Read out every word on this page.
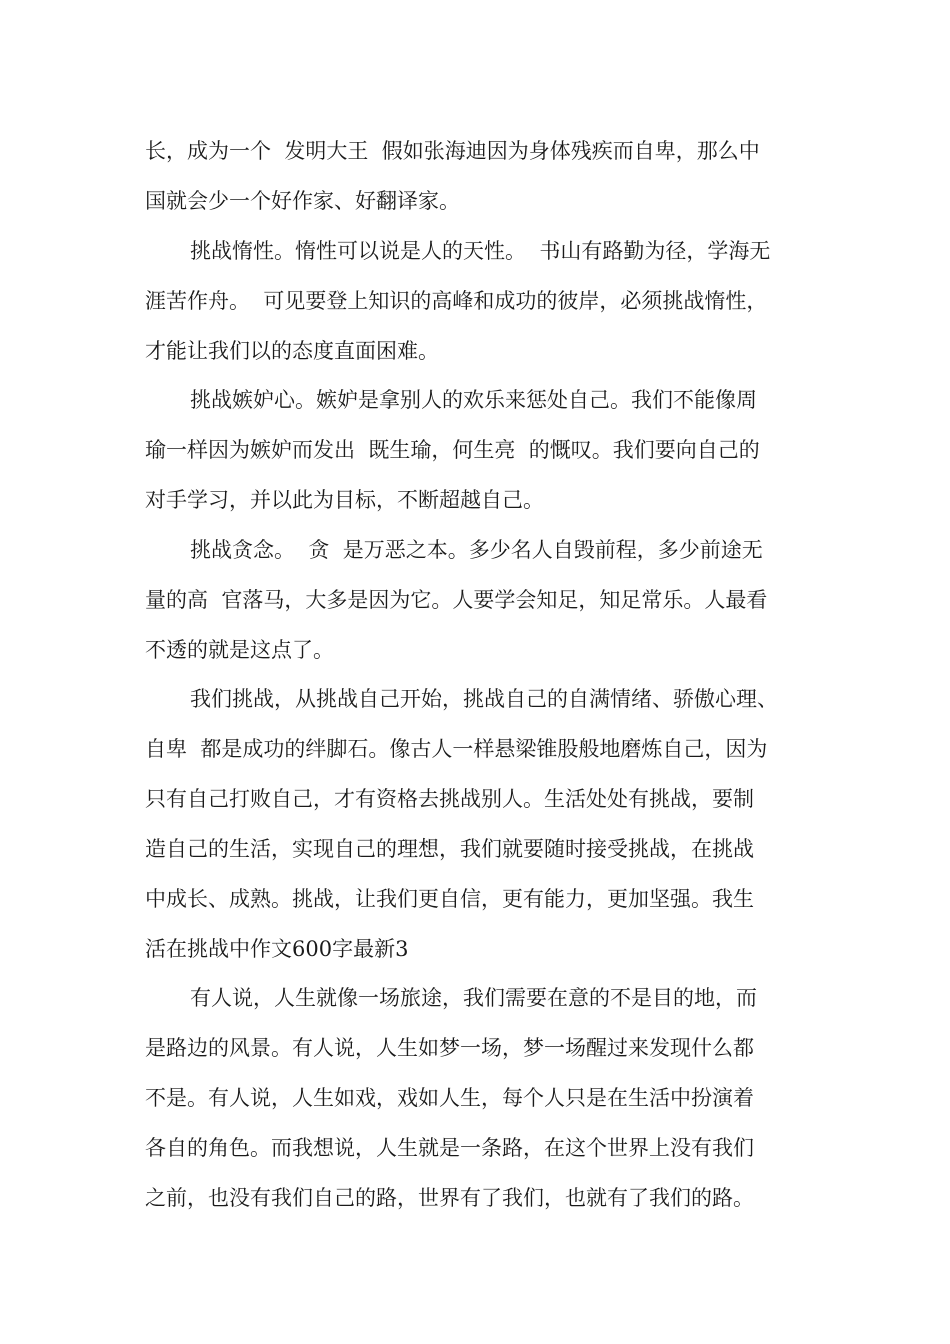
长，成为一个  发明大王  假如张海迪因为身体残疾而自卑，那么中

国就会少一个好作家、好翻译家。

挑战惰性。惰性可以说是人的天性。  书山有路勤为径，学海无

涯苦作舟。  可见要登上知识的高峰和成功的彼岸，必须挑战惰性，

才能让我们以的态度直面困难。

挑战嫉妒心。嫉妒是拿别人的欢乐来惩处自己。我们不能像周

瑜一样因为嫉妒而发出  既生瑜，何生亮  的慨叹。我们要向自己的

对手学习，并以此为目标，不断超越自己。

挑战贪念。  贪  是万恶之本。多少名人自毁前程，多少前途无

量的高  官落马，大多是因为它。人要学会知足，知足常乐。人最看

不透的就是这点了。

我们挑战，从挑战自己开始，挑战自己的自满情绪、骄傲心理、

自卑  都是成功的绊脚石。像古人一样悬梁锥股般地磨炼自己，因为

只有自己打败自己，才有资格去挑战别人。生活处处有挑战，要制

造自己的生活，实现自己的理想，我们就要随时接受挑战，在挑战

中成长、成熟。挑战，让我们更自信，更有能力，更加坚强。我生

活在挑战中作文600字最新3

有人说，人生就像一场旅途，我们需要在意的不是目的地，而

是路边的风景。有人说，人生如梦一场，梦一场醒过来发现什么都

不是。有人说，人生如戏，戏如人生，每个人只是在生活中扮演着

各自的角色。而我想说，人生就是一条路，在这个世界上没有我们

之前，也没有我们自己的路，世界有了我们，也就有了我们的路。
